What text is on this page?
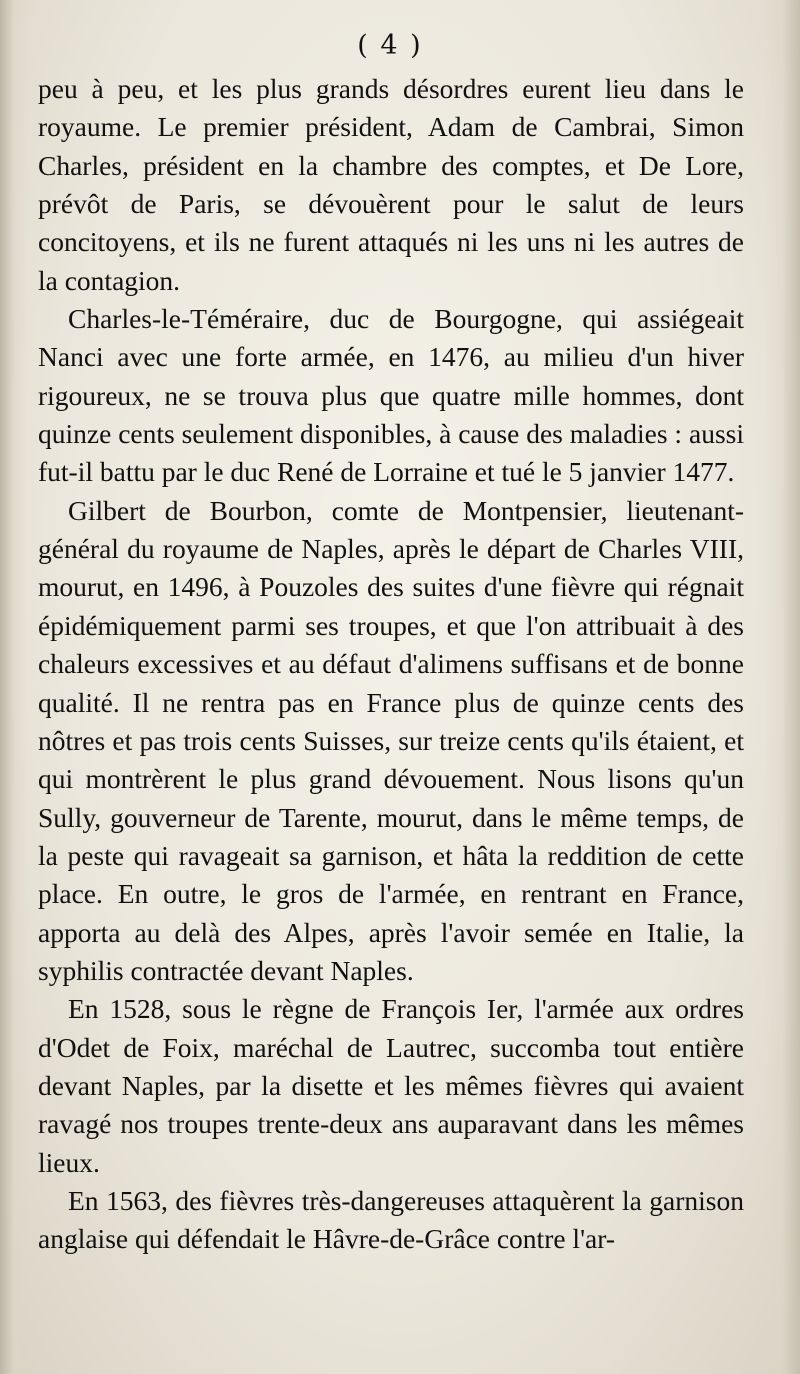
( 4 )

peu à peu, et les plus grands désordres eurent lieu dans le royaume. Le premier président, Adam de Cambrai, Simon Charles, président en la chambre des comptes, et De Lore, prévôt de Paris, se dévouèrent pour le salut de leurs concitoyens, et ils ne furent attaqués ni les uns ni les autres de la contagion.

Charles-le-Téméraire, duc de Bourgogne, qui assiégeait Nanci avec une forte armée, en 1476, au milieu d'un hiver rigoureux, ne se trouva plus que quatre mille hommes, dont quinze cents seulement disponibles, à cause des maladies : aussi fut-il battu par le duc René de Lorraine et tué le 5 janvier 1477.

Gilbert de Bourbon, comte de Montpensier, lieutenant-général du royaume de Naples, après le départ de Charles VIII, mourut, en 1496, à Pouzoles des suites d'une fièvre qui régnait épidémiquement parmi ses troupes, et que l'on attribuait à des chaleurs excessives et au défaut d'alimens suffisans et de bonne qualité. Il ne rentra pas en France plus de quinze cents des nôtres et pas trois cents Suisses, sur treize cents qu'ils étaient, et qui montrèrent le plus grand dévouement. Nous lisons qu'un Sully, gouverneur de Tarente, mourut, dans le même temps, de la peste qui ravageait sa garnison, et hâta la reddition de cette place. En outre, le gros de l'armée, en rentrant en France, apporta au delà des Alpes, après l'avoir semée en Italie, la syphilis contractée devant Naples.

En 1528, sous le règne de François Ier, l'armée aux ordres d'Odet de Foix, maréchal de Lautrec, succomba tout entière devant Naples, par la disette et les mêmes fièvres qui avaient ravagé nos troupes trente-deux ans auparavant dans les mêmes lieux.

En 1563, des fièvres très-dangereuses attaquèrent la garnison anglaise qui défendait le Hâvre-de-Grâce contre l'ar-
